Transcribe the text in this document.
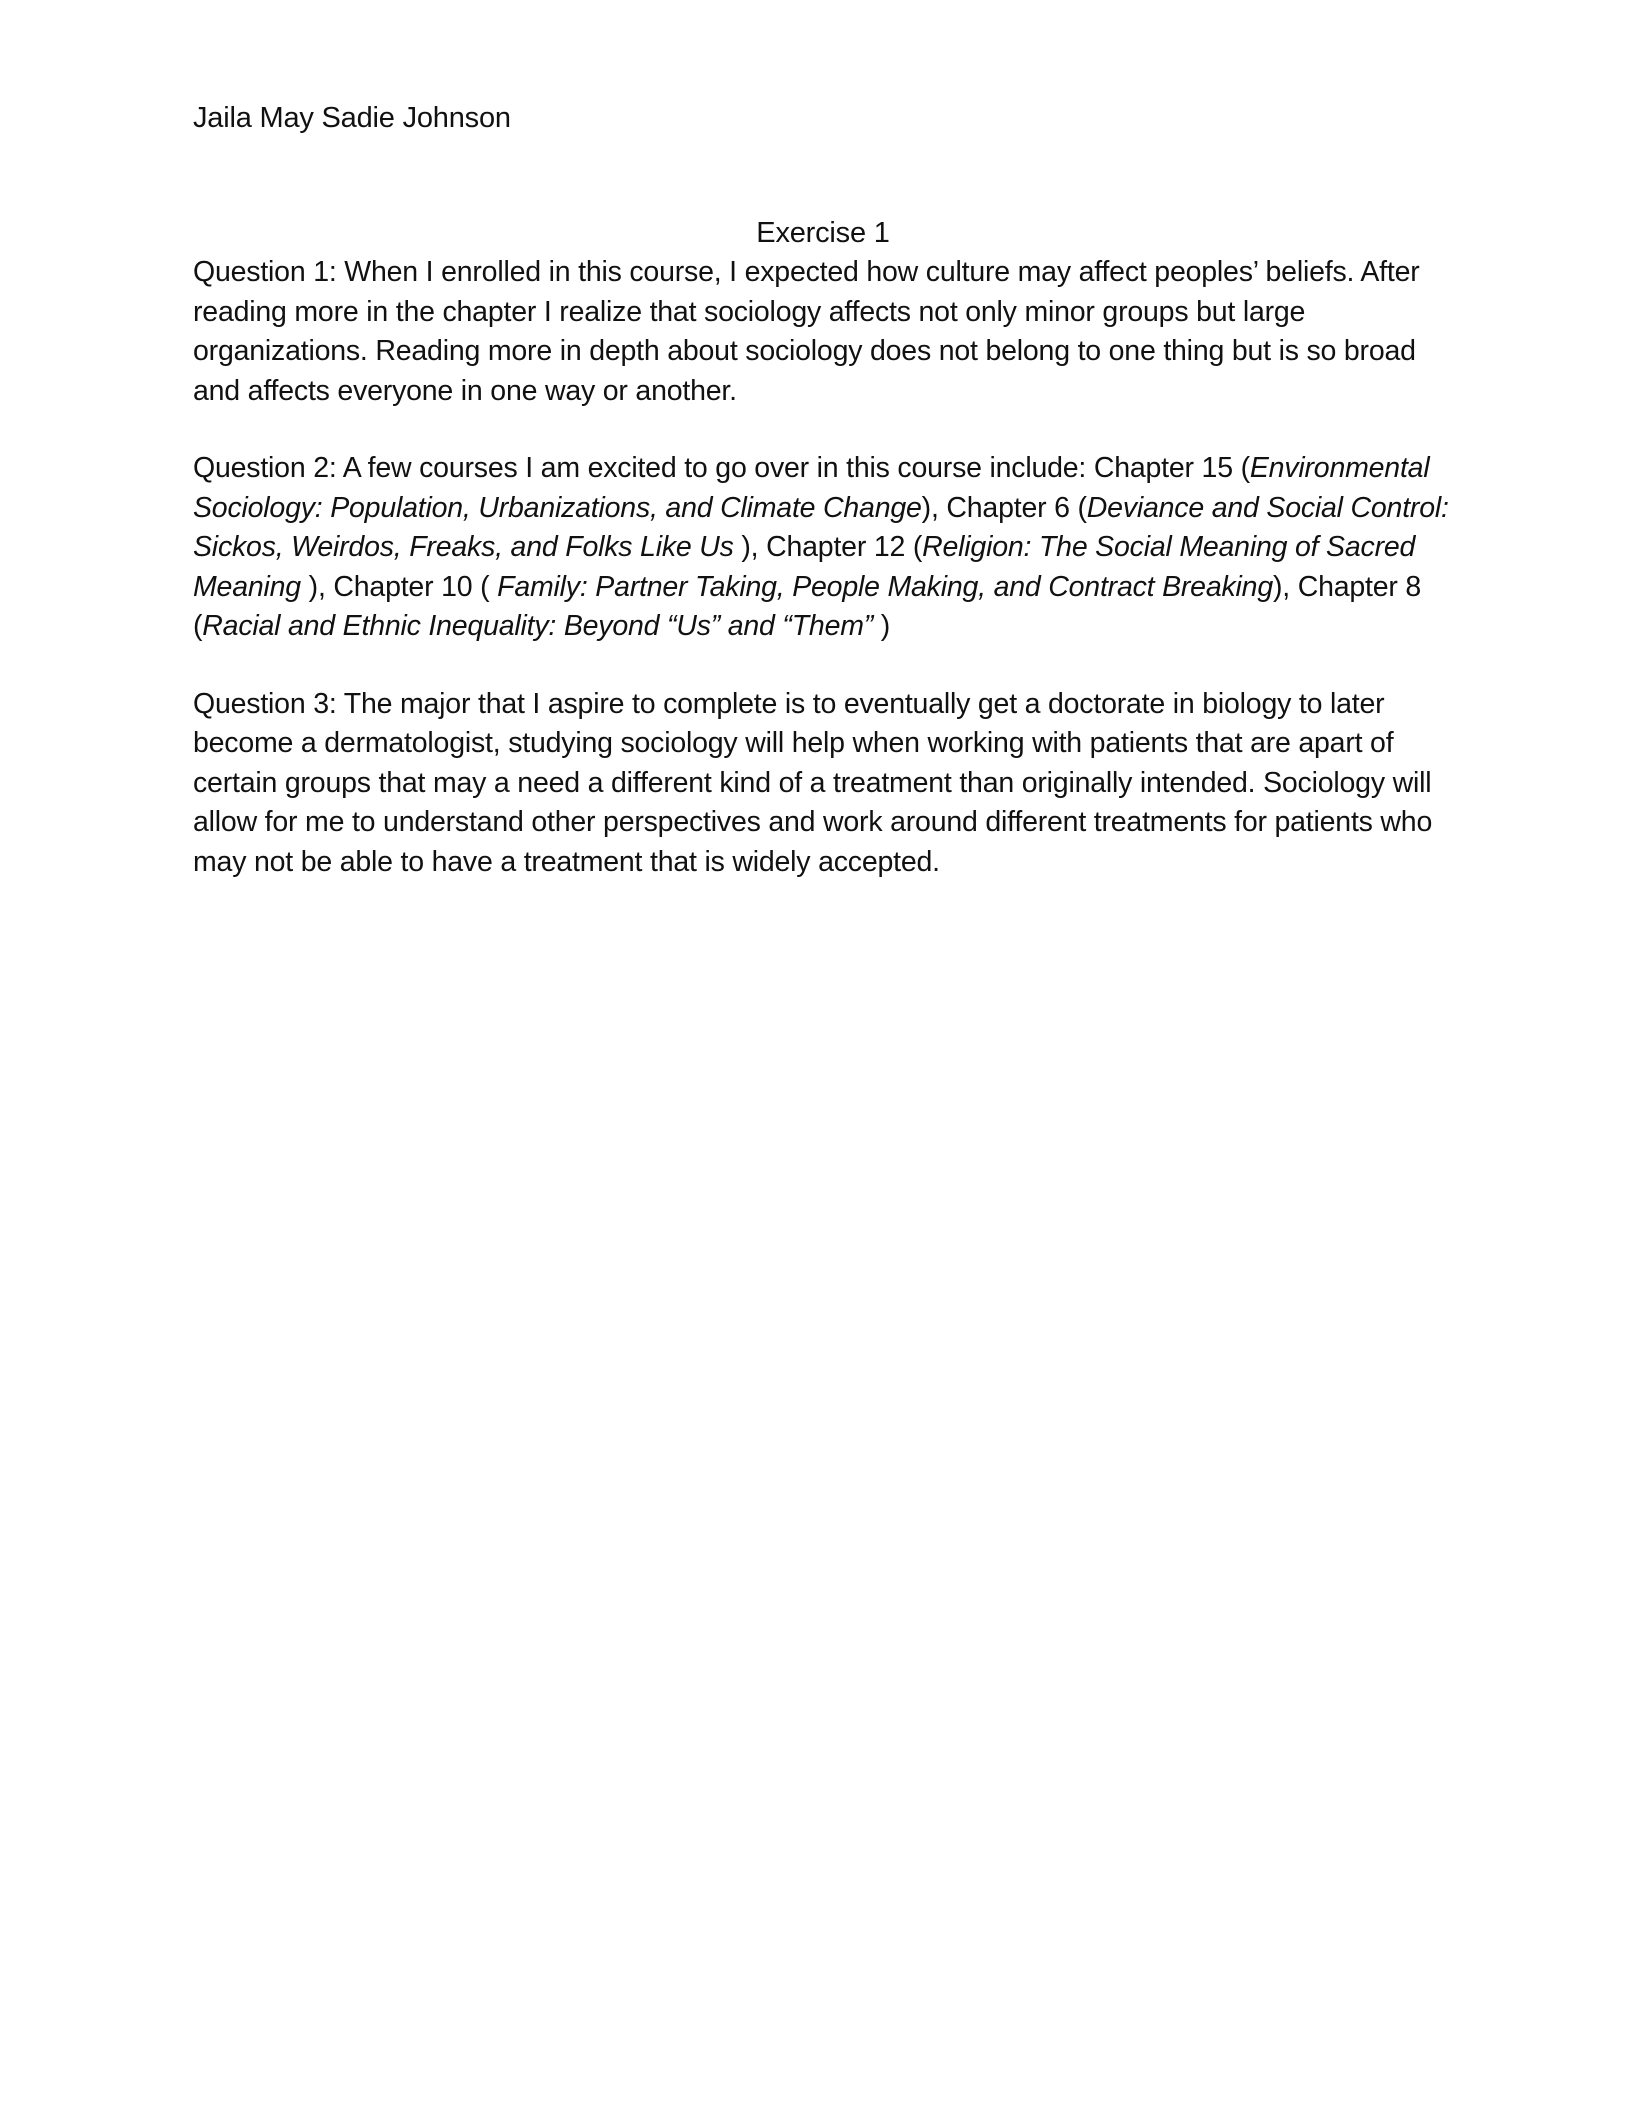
Jaila May Sadie Johnson

Exercise 1

Question 1: When I enrolled in this course, I expected how culture may affect peoples’ beliefs. After reading more in the chapter I realize that sociology affects not only minor groups but large organizations. Reading more in depth about sociology does not belong to one thing but is so broad and affects everyone in one way or another.

Question 2: A few courses I am excited to go over in this course include: Chapter 15 (Environmental Sociology: Population, Urbanizations, and Climate Change), Chapter 6 (Deviance and Social Control: Sickos, Weirdos, Freaks, and Folks Like Us ), Chapter 12 (Religion: The Social Meaning of Sacred Meaning ), Chapter 10 ( Family: Partner Taking, People Making, and Contract Breaking), Chapter 8 (Racial and Ethnic Inequality: Beyond “Us” and “Them” )

Question 3: The major that I aspire to complete is to eventually get a doctorate in biology to later become a dermatologist, studying sociology will help when working with patients that are apart of certain groups that may a need a different kind of a treatment than originally intended. Sociology will allow for me to understand other perspectives and work around different treatments for patients who may not be able to have a treatment that is widely accepted.
